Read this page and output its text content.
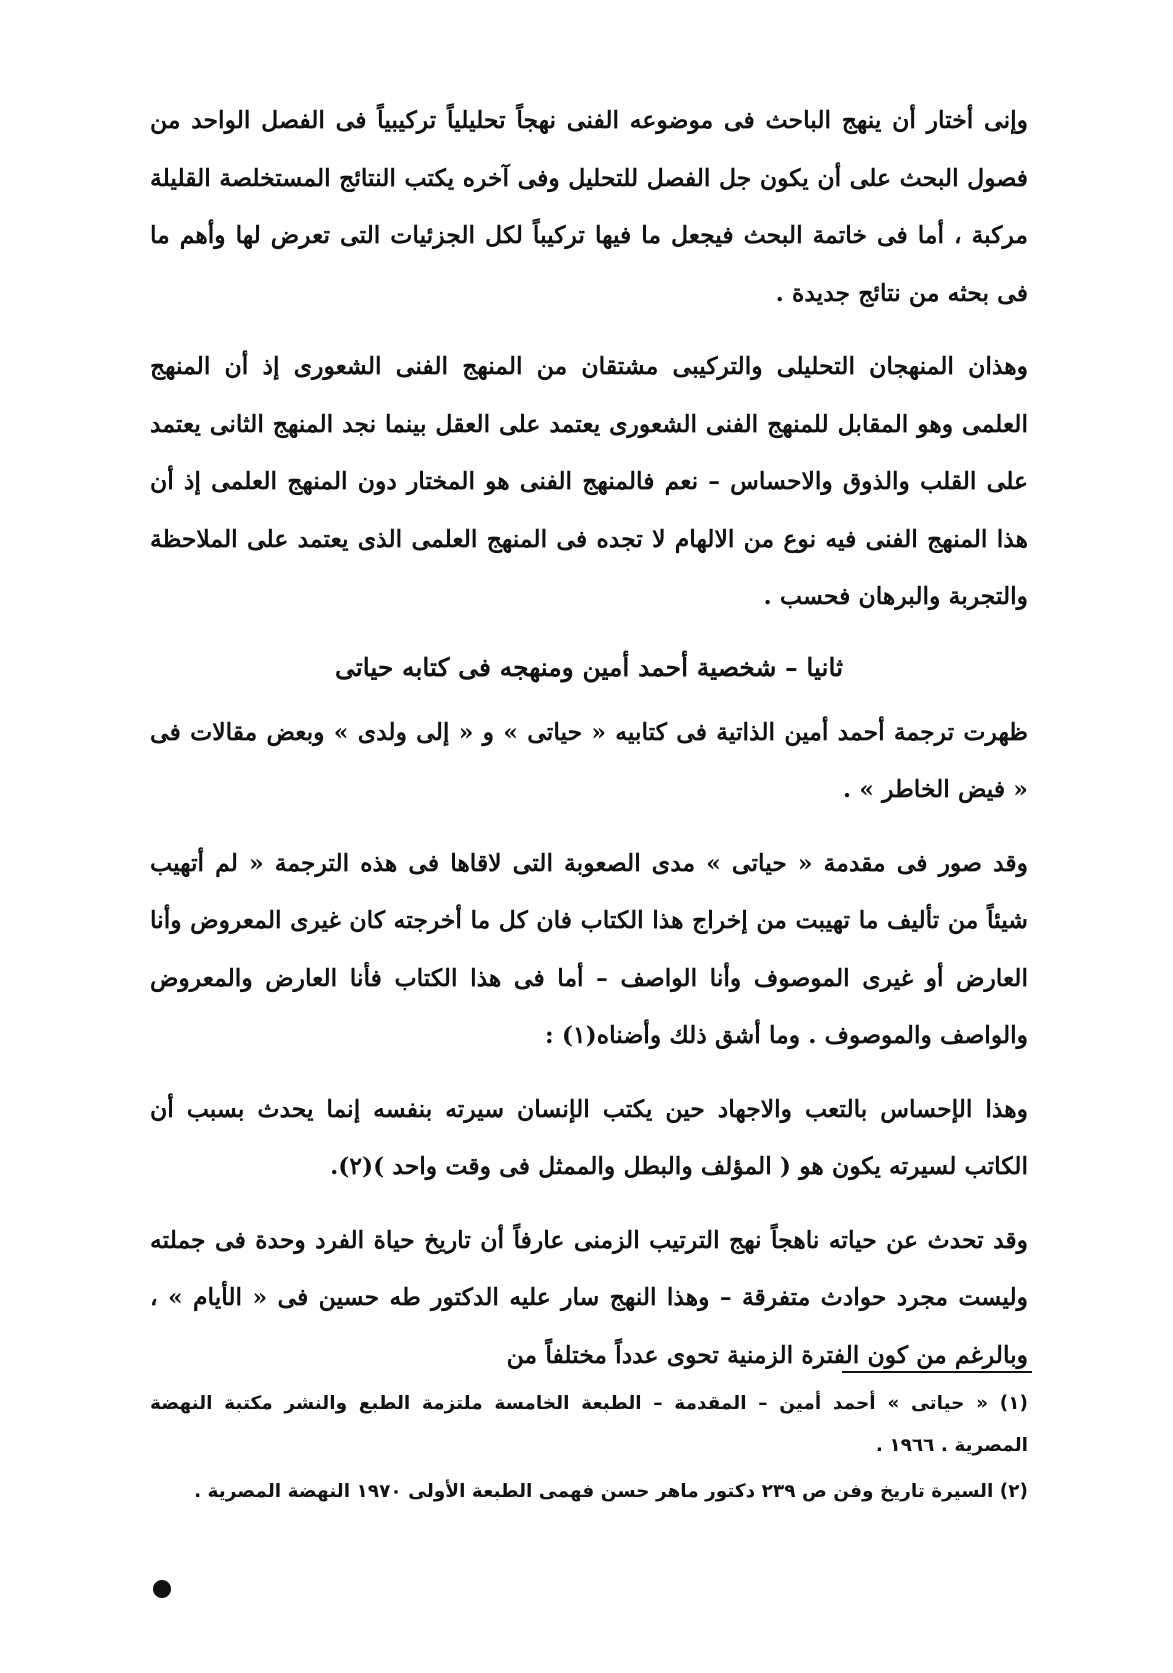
وإنى أختار أن ينهج الباحث فى موضوعه الفنى نهجاً تحليلياً تركيبياً فى الفصل الواحد من فصول البحث على أن يكون جل الفصل للتحليل وفى آخره يكتب النتائج المستخلصة القليلة مركبة ، أما فى خاتمة البحث فيجعل ما فيها تركيباً لكل الجزئيات التى تعرض لها وأهم ما فى بحثه من نتائج جديدة .

وهذان المنهجان التحليلى والتركيبى مشتقان من المنهج الفنى الشعورى إذ أن المنهج العلمى وهو المقابل للمنهج الفنى الشعورى يعتمد على العقل بينما نجد المنهج الثانى يعتمد على القلب والذوق والاحساس – نعم فالمنهج الفنى هو المختار دون المنهج العلمى إذ أن هذا المنهج الفنى فيه نوع من الالهام لا تجده فى المنهج العلمى الذى يعتمد على الملاحظة والتجربة والبرهان فحسب .

ثانيا – شخصية أحمد أمين ومنهجه فى كتابه حياتى

ظهرت ترجمة أحمد أمين الذاتية فى كتابيه « حياتى » و « إلى ولدى » وبعض مقالات فى « فيض الخاطر » .

وقد صور فى مقدمة « حياتى » مدى الصعوبة التى لاقاها فى هذه الترجمة « لم أتهيب شيئاً من تأليف ما تهيبت من إخراج هذا الكتاب فان كل ما أخرجته كان غيرى المعروض وأنا العارض أو غيرى الموصوف وأنا الواصف – أما فى هذا الكتاب فأنا العارض والمعروض والواصف والموصوف . وما أشق ذلك وأضناه(١) :

وهذا الإحساس بالتعب والاجهاد حين يكتب الإنسان سيرته بنفسه إنما يحدث بسبب أن الكاتب لسيرته يكون هو ( المؤلف والبطل والممثل فى وقت واحد )(٢).

وقد تحدث عن حياته ناهجاً نهج الترتيب الزمنى عارفاً أن تاريخ حياة الفرد وحدة فى جملته وليست مجرد حوادث متفرقة – وهذا النهج سار عليه الدكتور طه حسين فى « الأيام » ، وبالرغم من كون الفترة الزمنية تحوى عدداً مختلفاً من

(١) « حياتى » أحمد أمين – المقدمة – الطبعة الخامسة ملتزمة الطبع والنشر مكتبة النهضة المصرية . ١٩٦٦ .

(٢) السيرة تاريخ وفن ص ٢٣٩ دكتور ماهر حسن فهمى الطبعة الأولى ١٩٧٠ النهضة المصرية .
